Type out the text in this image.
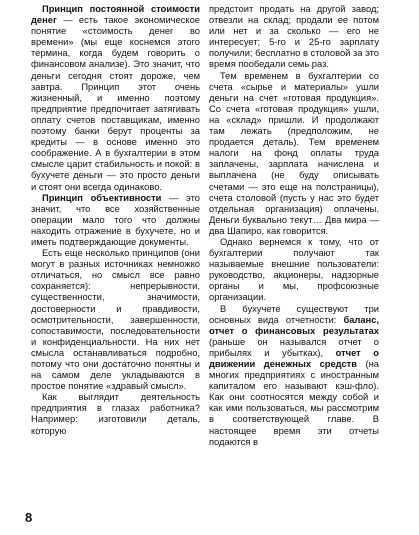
Принцип постоянной стоимости денег — есть такое экономическое понятие «стоимость денег во времени» (мы еще коснемся этого термина, когда будем говорить о финансовом анализе). Это значит, что деньги сегодня стоят дороже, чем завтра. Принцип этот очень жизненный, и именно поэтому предприятие предпочитает затягивать оплату счетов поставщикам, именно поэтому банки берут проценты за кредиты — в основе именно это соображение. А в бухгалтерии в этом смысле царит стабильность и покой: в бухучете деньги — это просто деньги и стоят они всегда одинаково.

Принцип объективности — это значит, что все хозяйственные операции мало того что должны находить отражение в бухучете, но и иметь подтверждающие документы.

Есть еще несколько принципов (они могут в разных источниках немножко отличаться, но смысл все равно сохраняется): непрерывности, существенности, значимости, достоверности и правдивости, осмотрительности, завершенности, сопоставимости, последовательности и конфиденциальности. На них нет смысла останавливаться подробно, потому что они достаточно понятны и на самом деле укладываются в простое понятие «здравый смысл».

Как выглядит деятельность предприятия в глазах работника? Например: изготовили деталь, которую

предстоит продать на другой завод; отвезли на склад; продали ее потом или нет и за сколько — его не интересует; 5-го и 25-го зарплату получили; бесплатно в столовой за это время пообедали семь раз.

Тем временем в бухгалтерии со счета «сырье и материалы» ушли деньги на счет «готовая продукция». Со счета «готовая продукция» ушли, на «склад» пришли. И продолжают там лежать (предположим, не продается деталь). Тем временем налоги на фонд оплаты труда заплачены, зарплата начислена и выплачена (не буду описывать счетами — это еще на полстраницы), счета столовой (пусть у нас это будет отдельная организация) оплачены. Деньги буквально текут… Два мира — два Шапиро, как говорится.

Однако вернемся к тому, что от бухгалтерии получают так называемые внешние пользователи: руководство, акционеры, надзорные органы и мы, профсоюзные организации.

В бухучете существуют три основных вида отчетности: баланс, отчет о финансовых результатах (раньше он назывался отчет о прибылях и убытках), отчет о движении денежных средств (на многих предприятиях с иностранным капиталом его называют кэш-фло). Как они соотносятся между собой и как ими пользоваться, мы рассмотрим в соответствующей главе. В настоящее время эти отчеты подаются в

8
